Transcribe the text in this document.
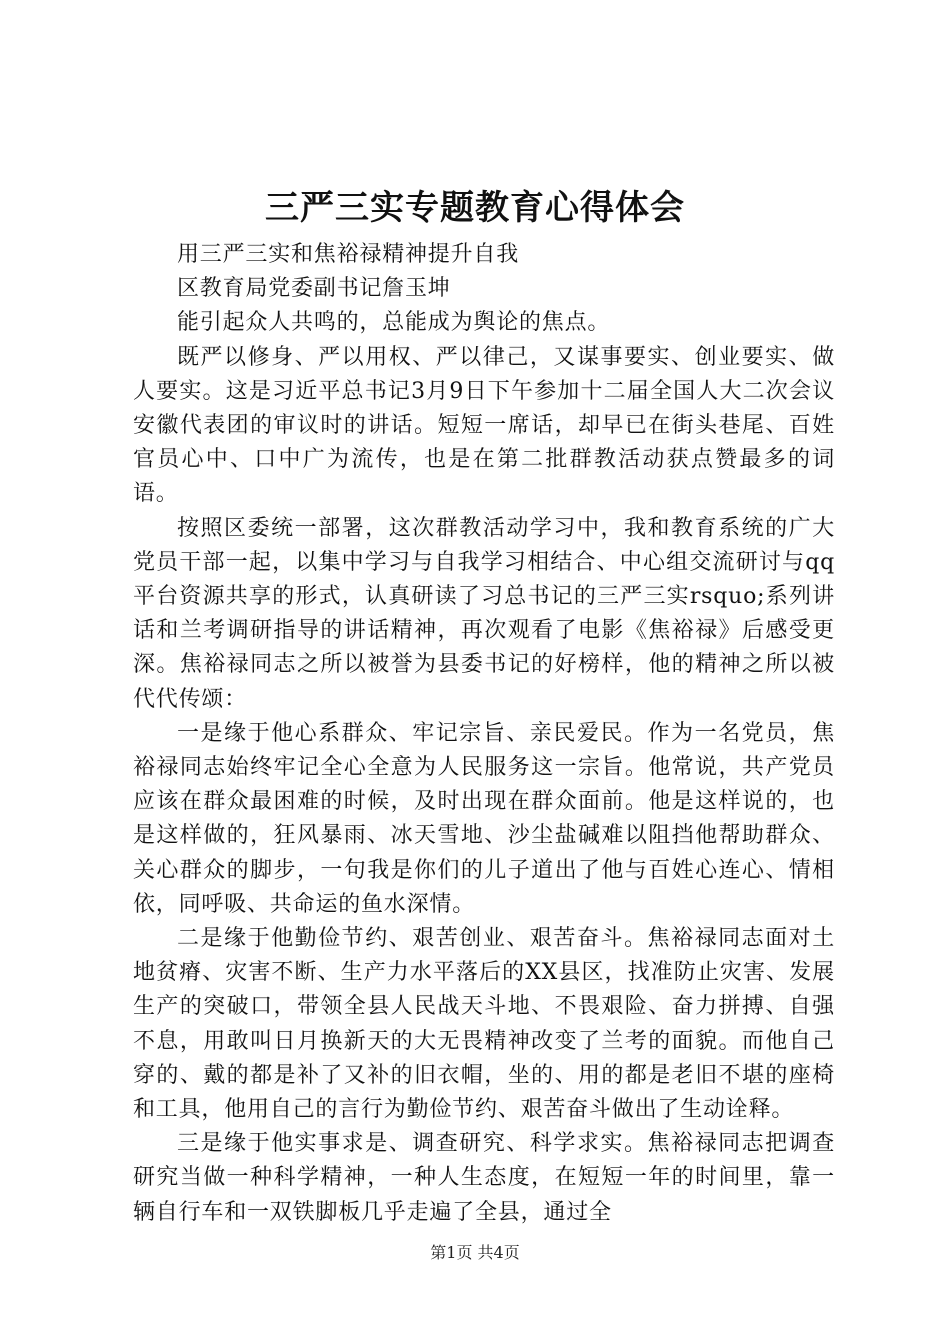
三严三实专题教育心得体会

用三严三实和焦裕禄精神提升自我

区教育局党委副书记詹玉坤

能引起众人共鸣的，总能成为舆论的焦点。

既严以修身、严以用权、严以律己，又谋事要实、创业要实、做人要实。这是习近平总书记3月9日下午参加十二届全国人大二次会议安徽代表团的审议时的讲话。短短一席话，却早已在街头巷尾、百姓官员心中、口中广为流传，也是在第二批群教活动获点赞最多的词语。

按照区委统一部署，这次群教活动学习中，我和教育系统的广大党员干部一起，以集中学习与自我学习相结合、中心组交流研讨与qq平台资源共享的形式，认真研读了习总书记的三严三实rsquo;系列讲话和兰考调研指导的讲话精神，再次观看了电影《焦裕禄》后感受更深。焦裕禄同志之所以被誉为县委书记的好榜样，他的精神之所以被代代传颂：

一是缘于他心系群众、牢记宗旨、亲民爱民。作为一名党员，焦裕禄同志始终牢记全心全意为人民服务这一宗旨。他常说，共产党员应该在群众最困难的时候，及时出现在群众面前。他是这样说的，也是这样做的，狂风暴雨、冰天雪地、沙尘盐碱难以阻挡他帮助群众、关心群众的脚步，一句我是你们的儿子道出了他与百姓心连心、情相依，同呼吸、共命运的鱼水深情。

二是缘于他勤俭节约、艰苦创业、艰苦奋斗。焦裕禄同志面对土地贫瘠、灾害不断、生产力水平落后的XX县区，找准防止灾害、发展生产的突破口，带领全县人民战天斗地、不畏艰险、奋力拼搏、自强不息，用敢叫日月换新天的大无畏精神改变了兰考的面貌。而他自己穿的、戴的都是补了又补的旧衣帽，坐的、用的都是老旧不堪的座椅和工具，他用自己的言行为勤俭节约、艰苦奋斗做出了生动诠释。

三是缘于他实事求是、调查研究、科学求实。焦裕禄同志把调查研究当做一种科学精神，一种人生态度，在短短一年的时间里，靠一辆自行车和一双铁脚板几乎走遍了全县，通过全

第1页 共4页
